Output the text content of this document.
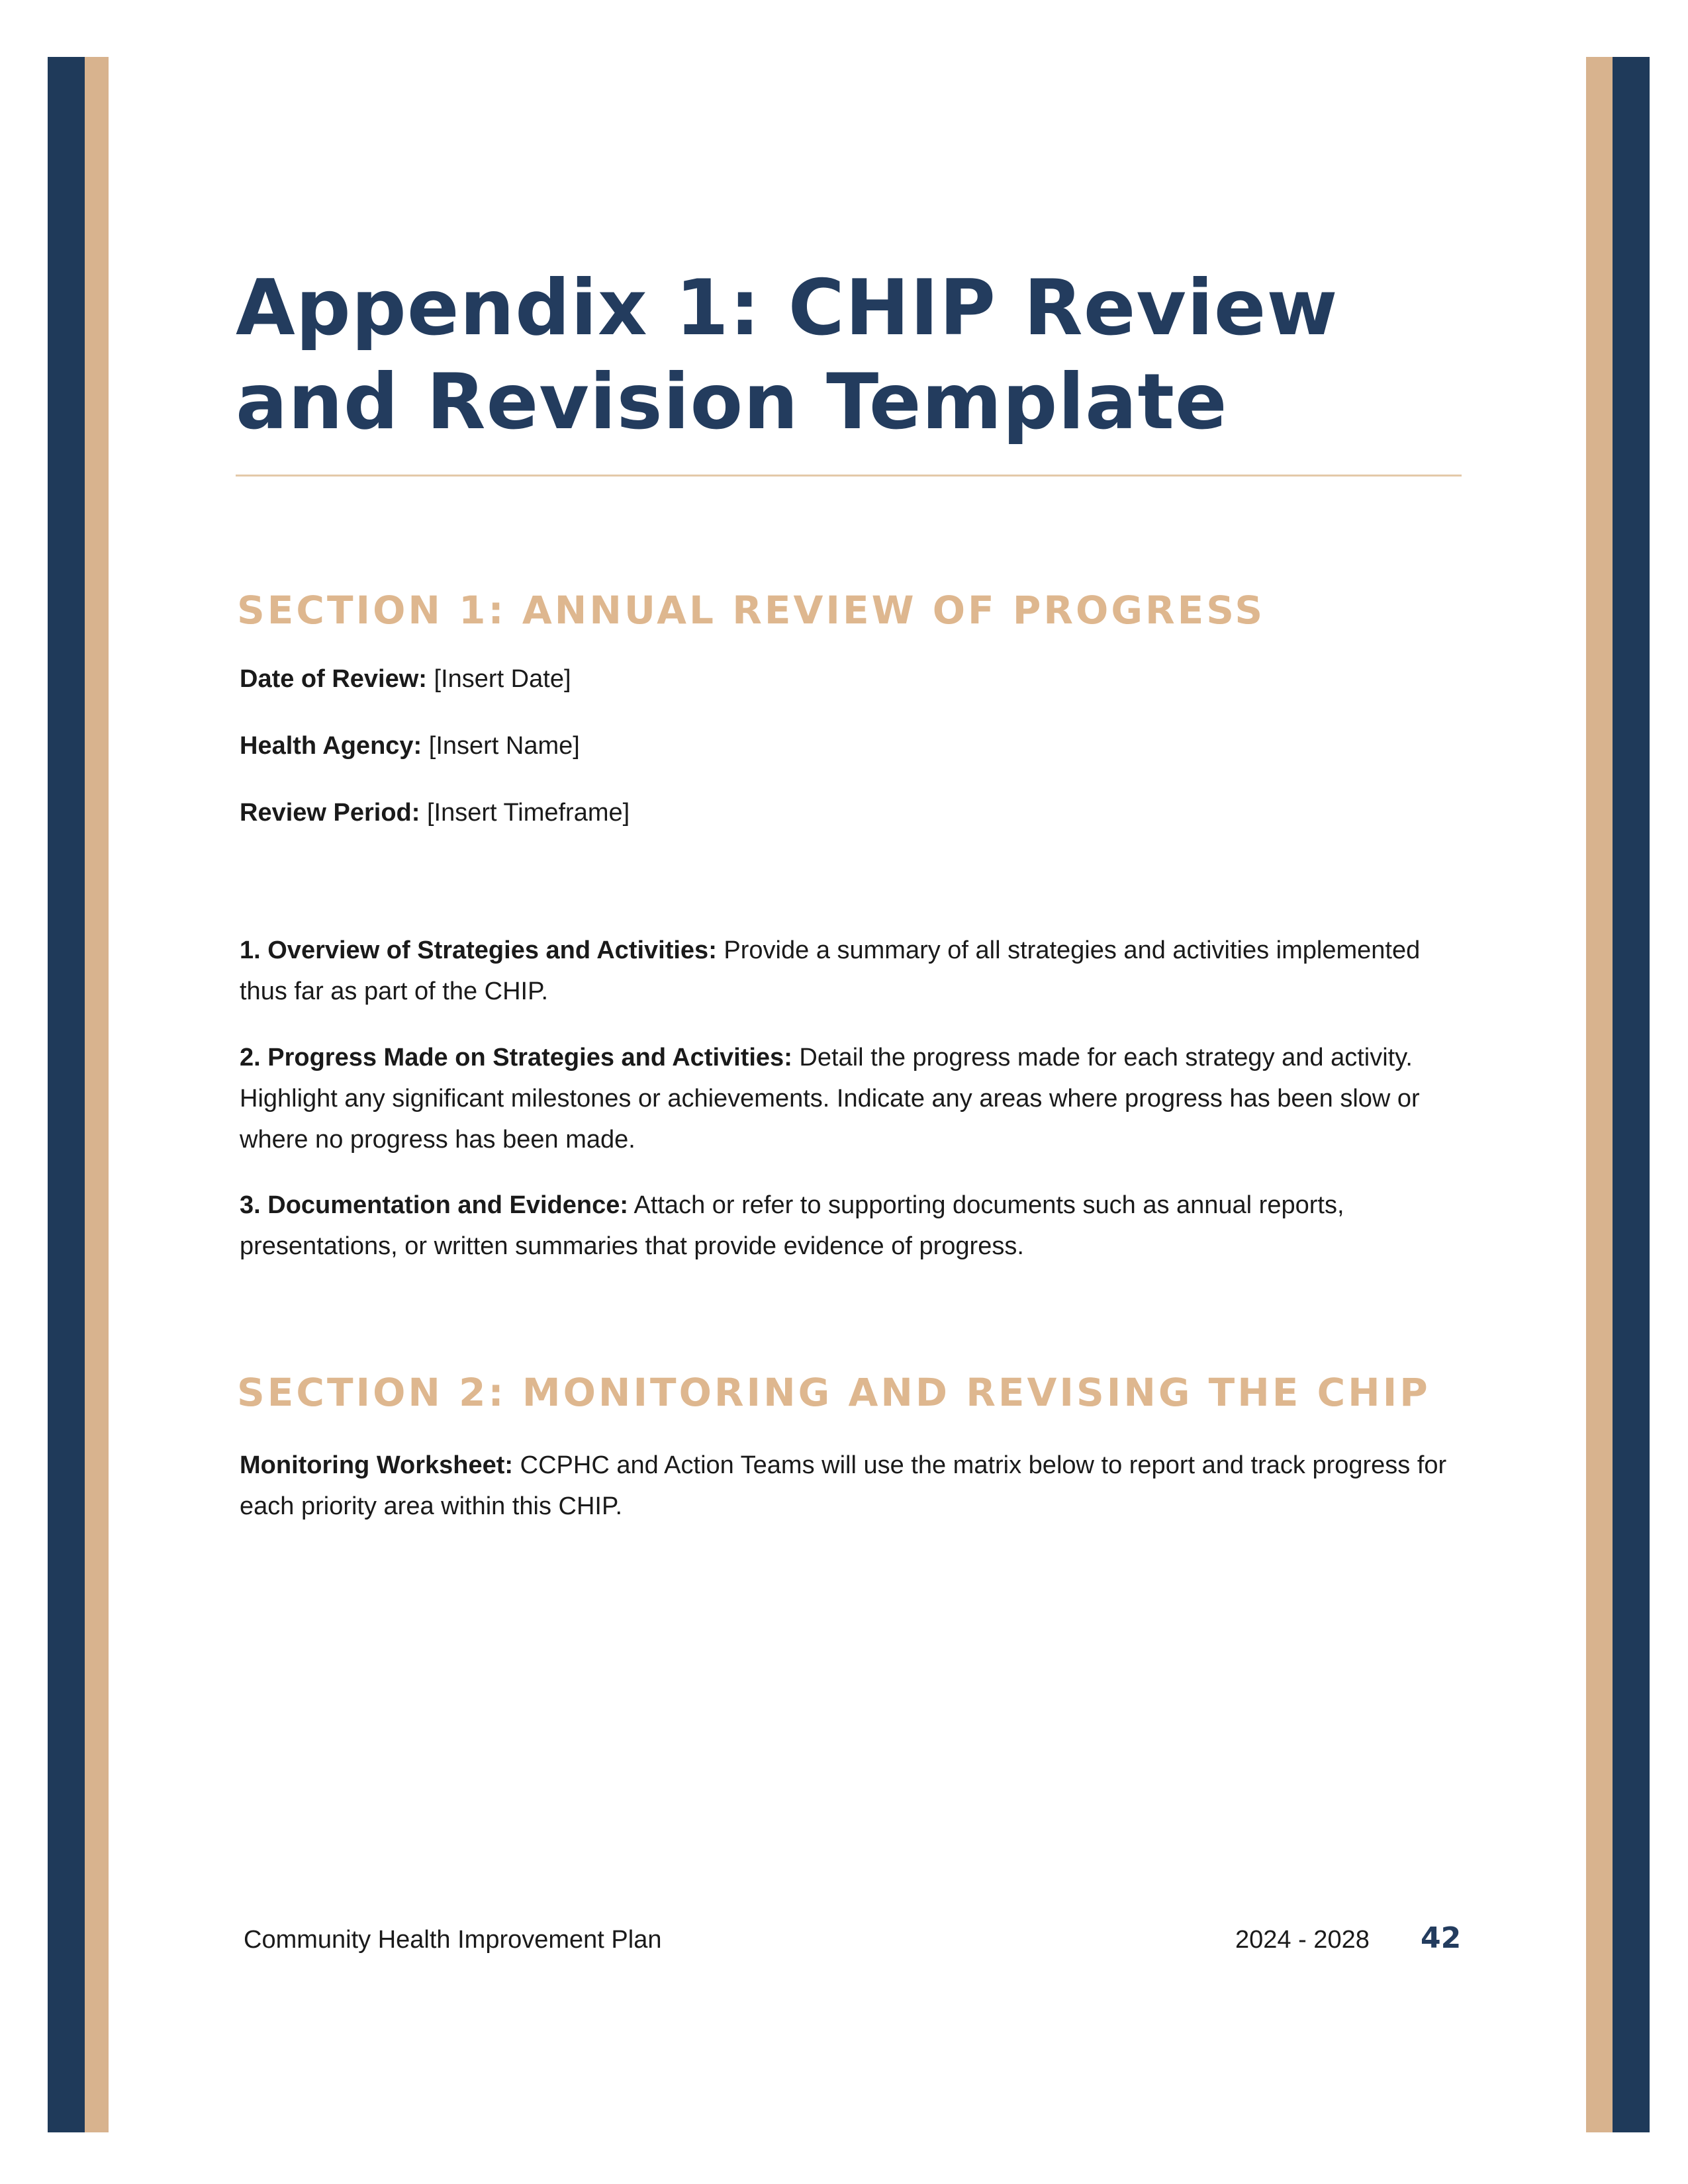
Appendix 1: CHIP Review and Revision Template
SECTION 1: ANNUAL REVIEW OF PROGRESS

Date of Review: [Insert Date]

Health Agency: [Insert Name]

Review Period: [Insert Timeframe]

1. Overview of Strategies and Activities: Provide a summary of all strategies and activities implemented thus far as part of the CHIP.

2. Progress Made on Strategies and Activities: Detail the progress made for each strategy and activity. Highlight any significant milestones or achievements. Indicate any areas where progress has been slow or where no progress has been made.

3. Documentation and Evidence: Attach or refer to supporting documents such as annual reports, presentations, or written summaries that provide evidence of progress.

SECTION 2: MONITORING AND REVISING THE CHIP

Monitoring Worksheet: CCPHC and Action Teams will use the matrix below to report and track progress for each priority area within this CHIP.

Community Health Improvement Plan	2024 - 2028 42
